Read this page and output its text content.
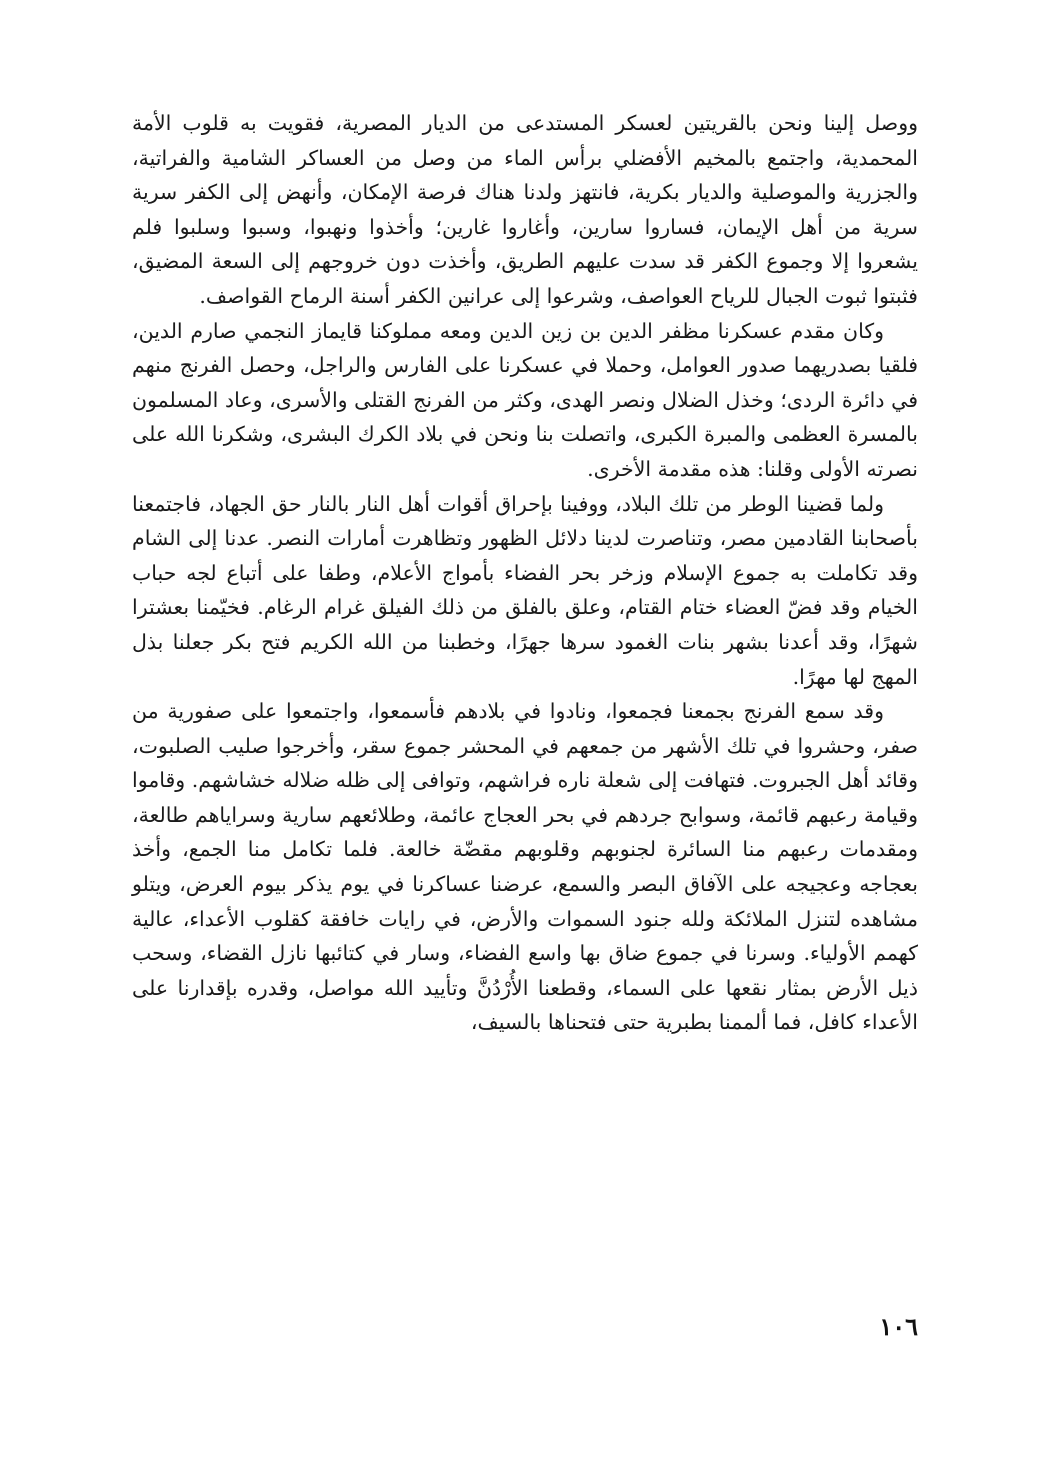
ووصل إلينا ونحن بالقريتين لعسكر المستدعى من الديار المصرية، فقويت به قلوب الأمة المحمدية، واجتمع بالمخيم الأفضلي برأس الماء من وصل من العساكر الشامية والفراتية، والجزرية والموصلية والديار بكرية، فانتهز ولدنا هناك فرصة الإمكان، وأنهض إلى الكفر سرية سرية من أهل الإيمان، فساروا سارين، وأغاروا غارين؛ وأخذوا ونهبوا، وسبوا وسلبوا فلم يشعروا إلا وجموع الكفر قد سدت عليهم الطريق، وأخذت دون خروجهم إلى السعة المضيق، فثبتوا ثبوت الجبال للرياح العواصف، وشرعوا إلى عرانين الكفر أسنة الرماح القواصف.

وكان مقدم عسكرنا مظفر الدين بن زين الدين ومعه مملوكنا قايماز النجمي صارم الدين، فلقيا بصدريهما صدور العوامل، وحملا في عسكرنا على الفارس والراجل، وحصل الفرنج منهم في دائرة الردى؛ وخذل الضلال ونصر الهدى، وكثر من الفرنج القتلى والأسرى، وعاد المسلمون بالمسرة العظمى والمبرة الكبرى، واتصلت بنا ونحن في بلاد الكرك البشرى، وشكرنا الله على نصرته الأولى وقلنا: هذه مقدمة الأخرى.

ولما قضينا الوطر من تلك البلاد، ووفينا بإحراق أقوات أهل النار بالنار حق الجهاد، فاجتمعنا بأصحابنا القادمين مصر، وتناصرت لدينا دلائل الظهور وتظاهرت أمارات النصر. عدنا إلى الشام وقد تكاملت به جموع الإسلام وزخر بحر الفضاء بأمواج الأعلام، وطفا على أتباع لجه حباب الخيام وقد فضّ العضاء ختام القتام، وعلق بالفلق من ذلك الفيلق غرام الرغام. فخيّمنا بعشترا شهرًا، وقد أعدنا بشهر بنات الغمود سرها جهرًا، وخطبنا من الله الكريم فتح بكر جعلنا بذل المهج لها مهرًا.

وقد سمع الفرنج بجمعنا فجمعوا، ونادوا في بلادهم فأسمعوا، واجتمعوا على صفورية من صفر، وحشروا في تلك الأشهر من جمعهم في المحشر جموع سقر، وأخرجوا صليب الصلبوت، وقائد أهل الجبروت. فتهافت إلى شعلة ناره فراشهم، وتوافى إلى ظله ضلاله خشاشهم. وقاموا وقيامة رعبهم قائمة، وسوابح جردهم في بحر العجاج عائمة، وطلائعهم سارية وسراياهم طالعة، ومقدمات رعبهم منا السائرة لجنوبهم وقلوبهم مقضّة خالعة. فلما تكامل منا الجمع، وأخذ بعجاجه وعجيجه على الآفاق البصر والسمع، عرضنا عساكرنا في يوم يذكر بيوم العرض، ويتلو مشاهده لتنزل الملائكة ولله جنود السموات والأرض، في رايات خافقة كقلوب الأعداء، عالية كهمم الأولياء. وسرنا في جموع ضاق بها واسع الفضاء، وسار في كتائبها نازل القضاء، وسحب ذيل الأرض بمثار نقعها على السماء، وقطعنا الأُرْدُنَّ وتأييد الله مواصل، وقدره بإقدارنا على الأعداء كافل، فما ألممنا بطبرية حتى فتحناها بالسيف،

١٠٦
